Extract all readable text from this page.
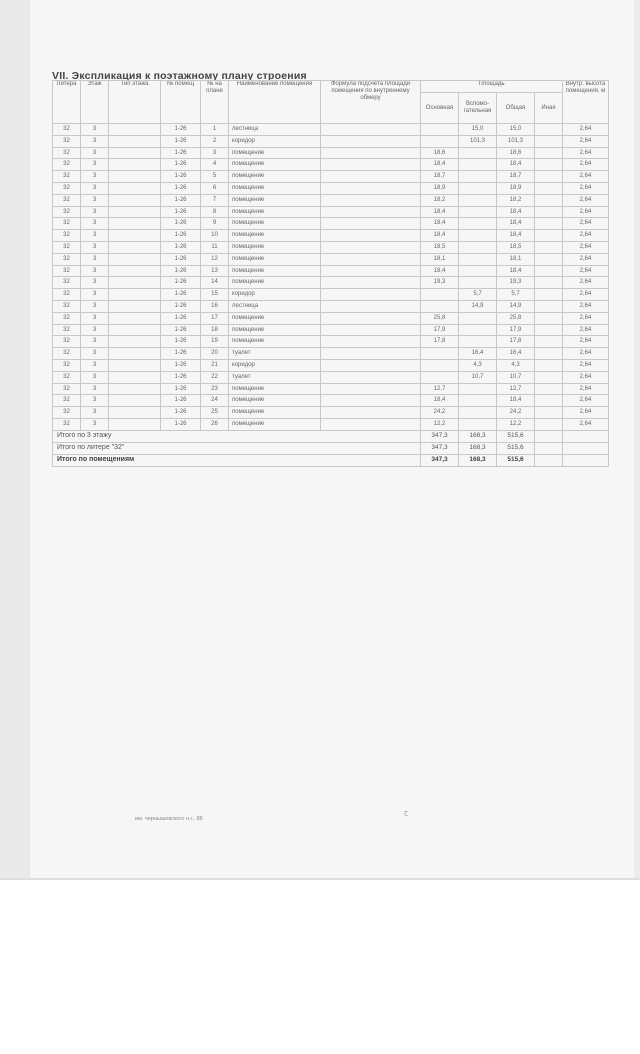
VII. Экспликация к поэтажному плану строения
Литера	Этаж	Тип этажа	№ помещ	№ на плане	Наименование помещения	Формула подсчёта площади помещения по внутреннему обмеру	Площадь				Внутр. высота помещения, м
							Основная	Вспомо-гательная	Общая	Иная	
32	3		1-26	1	лестница			15,0	15,0		2,64
32	3		1-26	2	коридор			101,3	101,3		2,64
32	3		1-26	3	помещение		18,6		18,6		2,64
32	3		1-26	4	помещение		18,4		18,4		2,64
32	3		1-26	5	помещение		18,7		18,7		2,64
32	3		1-26	6	помещение		18,9		18,9		2,64
32	3		1-26	7	помещение		18,2		18,2		2,64
32	3		1-26	8	помещение		18,4		18,4		2,64
32	3		1-26	9	помещение		18,4		18,4		2,64
32	3		1-26	10	помещение		18,4		18,4		2,64
32	3		1-26	11	помещение		18,5		18,5		2,64
32	3		1-26	12	помещение		18,1		18,1		2,64
32	3		1-26	13	помещение		18,4		18,4		2,64
32	3		1-26	14	помещение		19,3		19,3		2,64
32	3		1-26	15	коридор			5,7	5,7		2,64
32	3		1-26	16	лестница			14,9	14,9		2,64
32	3		1-26	17	помещение		25,8		25,8		2,64
32	3		1-26	18	помещение		17,9		17,9		2,64
32	3		1-26	19	помещение		17,8		17,8		2,64
32	3		1-26	20	туалет			16,4	16,4		2,64
32	3		1-26	21	коридор			4,3	4,3		2,64
32	3		1-26	22	туалет			10,7	10,7		2,64
32	3		1-26	23	помещение		12,7		12,7		2,64
32	3		1-26	24	помещение		18,4		18,4		2,64
32	3		1-26	25	помещение		24,2		24,2		2,64
32	3		1-26	26	помещение		12,2		12,2		2,64
Итого по 3 этажу							347,3	168,3	515,6		
Итого по литере "32"							347,3	168,3	515,6		
Итого по помещениям							347,3	168,3	515,6		
им. чернышевского н.г., 88
ꞇ
